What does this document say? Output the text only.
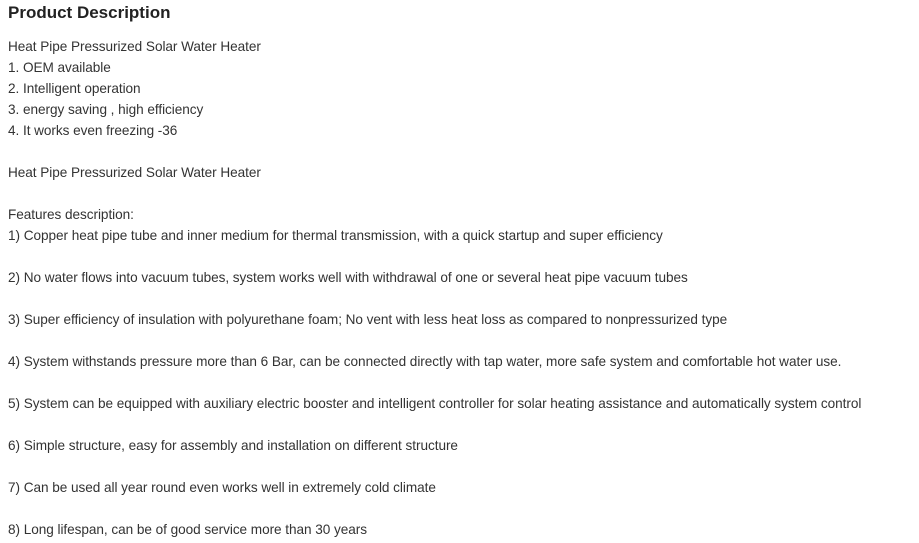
Product Description
Heat Pipe Pressurized Solar Water Heater
1. OEM available
2. Intelligent operation
3. energy saving , high efficiency
4. It works even freezing -36
Heat Pipe Pressurized Solar Water Heater
Features description:
1) Copper heat pipe tube and inner medium for thermal transmission, with a quick startup and super efficiency
2) No water flows into vacuum tubes, system works well with withdrawal of one or several heat pipe vacuum tubes
3) Super efficiency of insulation with polyurethane foam; No vent with less heat loss as compared to nonpressurized type
4) System withstands pressure more than 6 Bar, can be connected directly with tap water, more safe system and comfortable hot water use.
5) System can be equipped with auxiliary electric booster and intelligent controller for solar heating assistance and automatically system control
6) Simple structure, easy for assembly and installation on different structure
7) Can be used all year round even works well in extremely cold climate
8) Long lifespan, can be of good service more than 30 years
